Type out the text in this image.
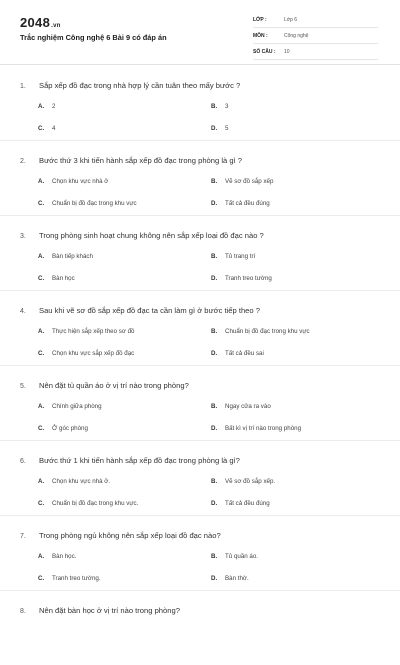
2048.vn
Trắc nghiệm Công nghệ 6 Bài 9 có đáp án
LỚP :	Lớp 6
MÔN :	Công nghệ
SỐ CÂU :	10
1. Sắp xếp đồ đạc trong nhà hợp lý cần tuân theo mấy bước ?
A. 2	B. 3
C. 4	D. 5
2. Bước thứ 3 khi tiến hành sắp xếp đồ đạc trong phòng là gì ?
A. Chọn khu vực nhà ở	B. Vẽ sơ đồ sắp xếp
C. Chuẩn bị đồ đạc trong khu vực	D. Tất cả đều đúng
3. Trong phòng sinh hoạt chung không nên sắp xếp loại đồ đạc nào ?
A. Bàn tiếp khách	B. Tủ trang trí
C. Bàn học	D. Tranh treo tường
4. Sau khi vẽ sơ đồ sắp xếp đồ đạc ta cần làm gì ở bước tiếp theo ?
A. Thực hiện sắp xếp theo sơ đồ	B. Chuẩn bị đồ đạc trong khu vực
C. Chọn khu vực sắp xếp đồ đạc	D. Tất cả đều sai
5. Nên đặt tủ quần áo ở vị trí nào trong phòng?
A. Chính giữa phòng	B. Ngay cửa ra vào
C. Ở góc phòng	D. Bất kì vị trí nào trong phòng
6. Bước thứ 1 khi tiến hành sắp xếp đồ đạc trong phòng là gì?
A. Chọn khu vực nhà ở.	B. Vẽ sơ đồ sắp xếp.
C. Chuẩn bị đồ đạc trong khu vực.	D. Tất cả đều đúng
7. Trong phòng ngủ không nên sắp xếp loại đồ đạc nào?
A. Bàn học.	B. Tủ quần áo.
C. Tranh treo tường.	D. Bàn thờ.
8. Nên đặt bàn học ở vị trí nào trong phòng?
